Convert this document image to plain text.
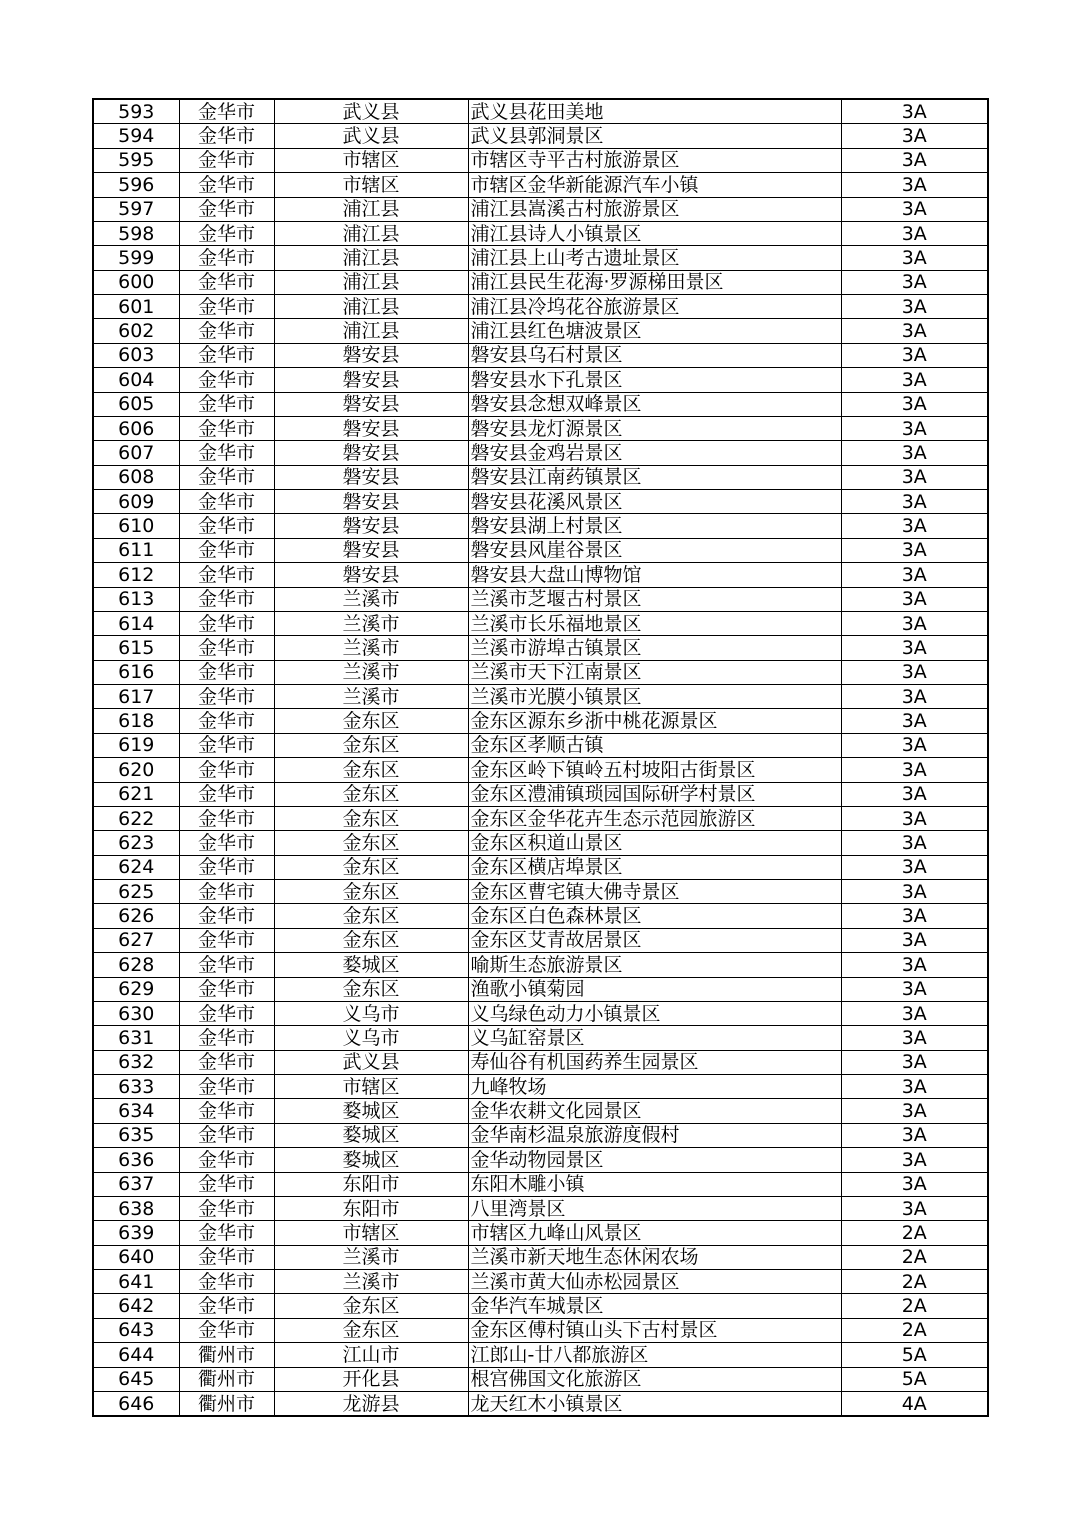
593	金华市	武义县	武义县花田美地	3A
594	金华市	武义县	武义县郭洞景区	3A
595	金华市	市辖区	市辖区寺平古村旅游景区	3A
596	金华市	市辖区	市辖区金华新能源汽车小镇	3A
597	金华市	浦江县	浦江县嵩溪古村旅游景区	3A
598	金华市	浦江县	浦江县诗人小镇景区	3A
599	金华市	浦江县	浦江县上山考古遗址景区	3A
600	金华市	浦江县	浦江县民生花海·罗源梯田景区	3A
601	金华市	浦江县	浦江县冷坞花谷旅游景区	3A
602	金华市	浦江县	浦江县红色塘波景区	3A
603	金华市	磐安县	磐安县乌石村景区	3A
604	金华市	磐安县	磐安县水下孔景区	3A
605	金华市	磐安县	磐安县念想双峰景区	3A
606	金华市	磐安县	磐安县龙灯源景区	3A
607	金华市	磐安县	磐安县金鸡岩景区	3A
608	金华市	磐安县	磐安县江南药镇景区	3A
609	金华市	磐安县	磐安县花溪风景区	3A
610	金华市	磐安县	磐安县湖上村景区	3A
611	金华市	磐安县	磐安县风崖谷景区	3A
612	金华市	磐安县	磐安县大盘山博物馆	3A
613	金华市	兰溪市	兰溪市芝堰古村景区	3A
614	金华市	兰溪市	兰溪市长乐福地景区	3A
615	金华市	兰溪市	兰溪市游埠古镇景区	3A
616	金华市	兰溪市	兰溪市天下江南景区	3A
617	金华市	兰溪市	兰溪市光膜小镇景区	3A
618	金华市	金东区	金东区源东乡浙中桃花源景区	3A
619	金华市	金东区	金东区孝顺古镇	3A
620	金华市	金东区	金东区岭下镇岭五村坡阳古街景区	3A
621	金华市	金东区	金东区澧浦镇琐园国际研学村景区	3A
622	金华市	金东区	金东区金华花卉生态示范园旅游区	3A
623	金华市	金东区	金东区积道山景区	3A
624	金华市	金东区	金东区横店埠景区	3A
625	金华市	金东区	金东区曹宅镇大佛寺景区	3A
626	金华市	金东区	金东区白色森林景区	3A
627	金华市	金东区	金东区艾青故居景区	3A
628	金华市	婺城区	喻斯生态旅游景区	3A
629	金华市	金东区	渔歌小镇菊园	3A
630	金华市	义乌市	义乌绿色动力小镇景区	3A
631	金华市	义乌市	义乌缸窑景区	3A
632	金华市	武义县	寿仙谷有机国药养生园景区	3A
633	金华市	市辖区	九峰牧场	3A
634	金华市	婺城区	金华农耕文化园景区	3A
635	金华市	婺城区	金华南杉温泉旅游度假村	3A
636	金华市	婺城区	金华动物园景区	3A
637	金华市	东阳市	东阳木雕小镇	3A
638	金华市	东阳市	八里湾景区	3A
639	金华市	市辖区	市辖区九峰山风景区	2A
640	金华市	兰溪市	兰溪市新天地生态休闲农场	2A
641	金华市	兰溪市	兰溪市黄大仙赤松园景区	2A
642	金华市	金东区	金华汽车城景区	2A
643	金华市	金东区	金东区傅村镇山头下古村景区	2A
644	衢州市	江山市	江郎山-廿八都旅游区	5A
645	衢州市	开化县	根宫佛国文化旅游区	5A
646	衢州市	龙游县	龙天红木小镇景区	4A
